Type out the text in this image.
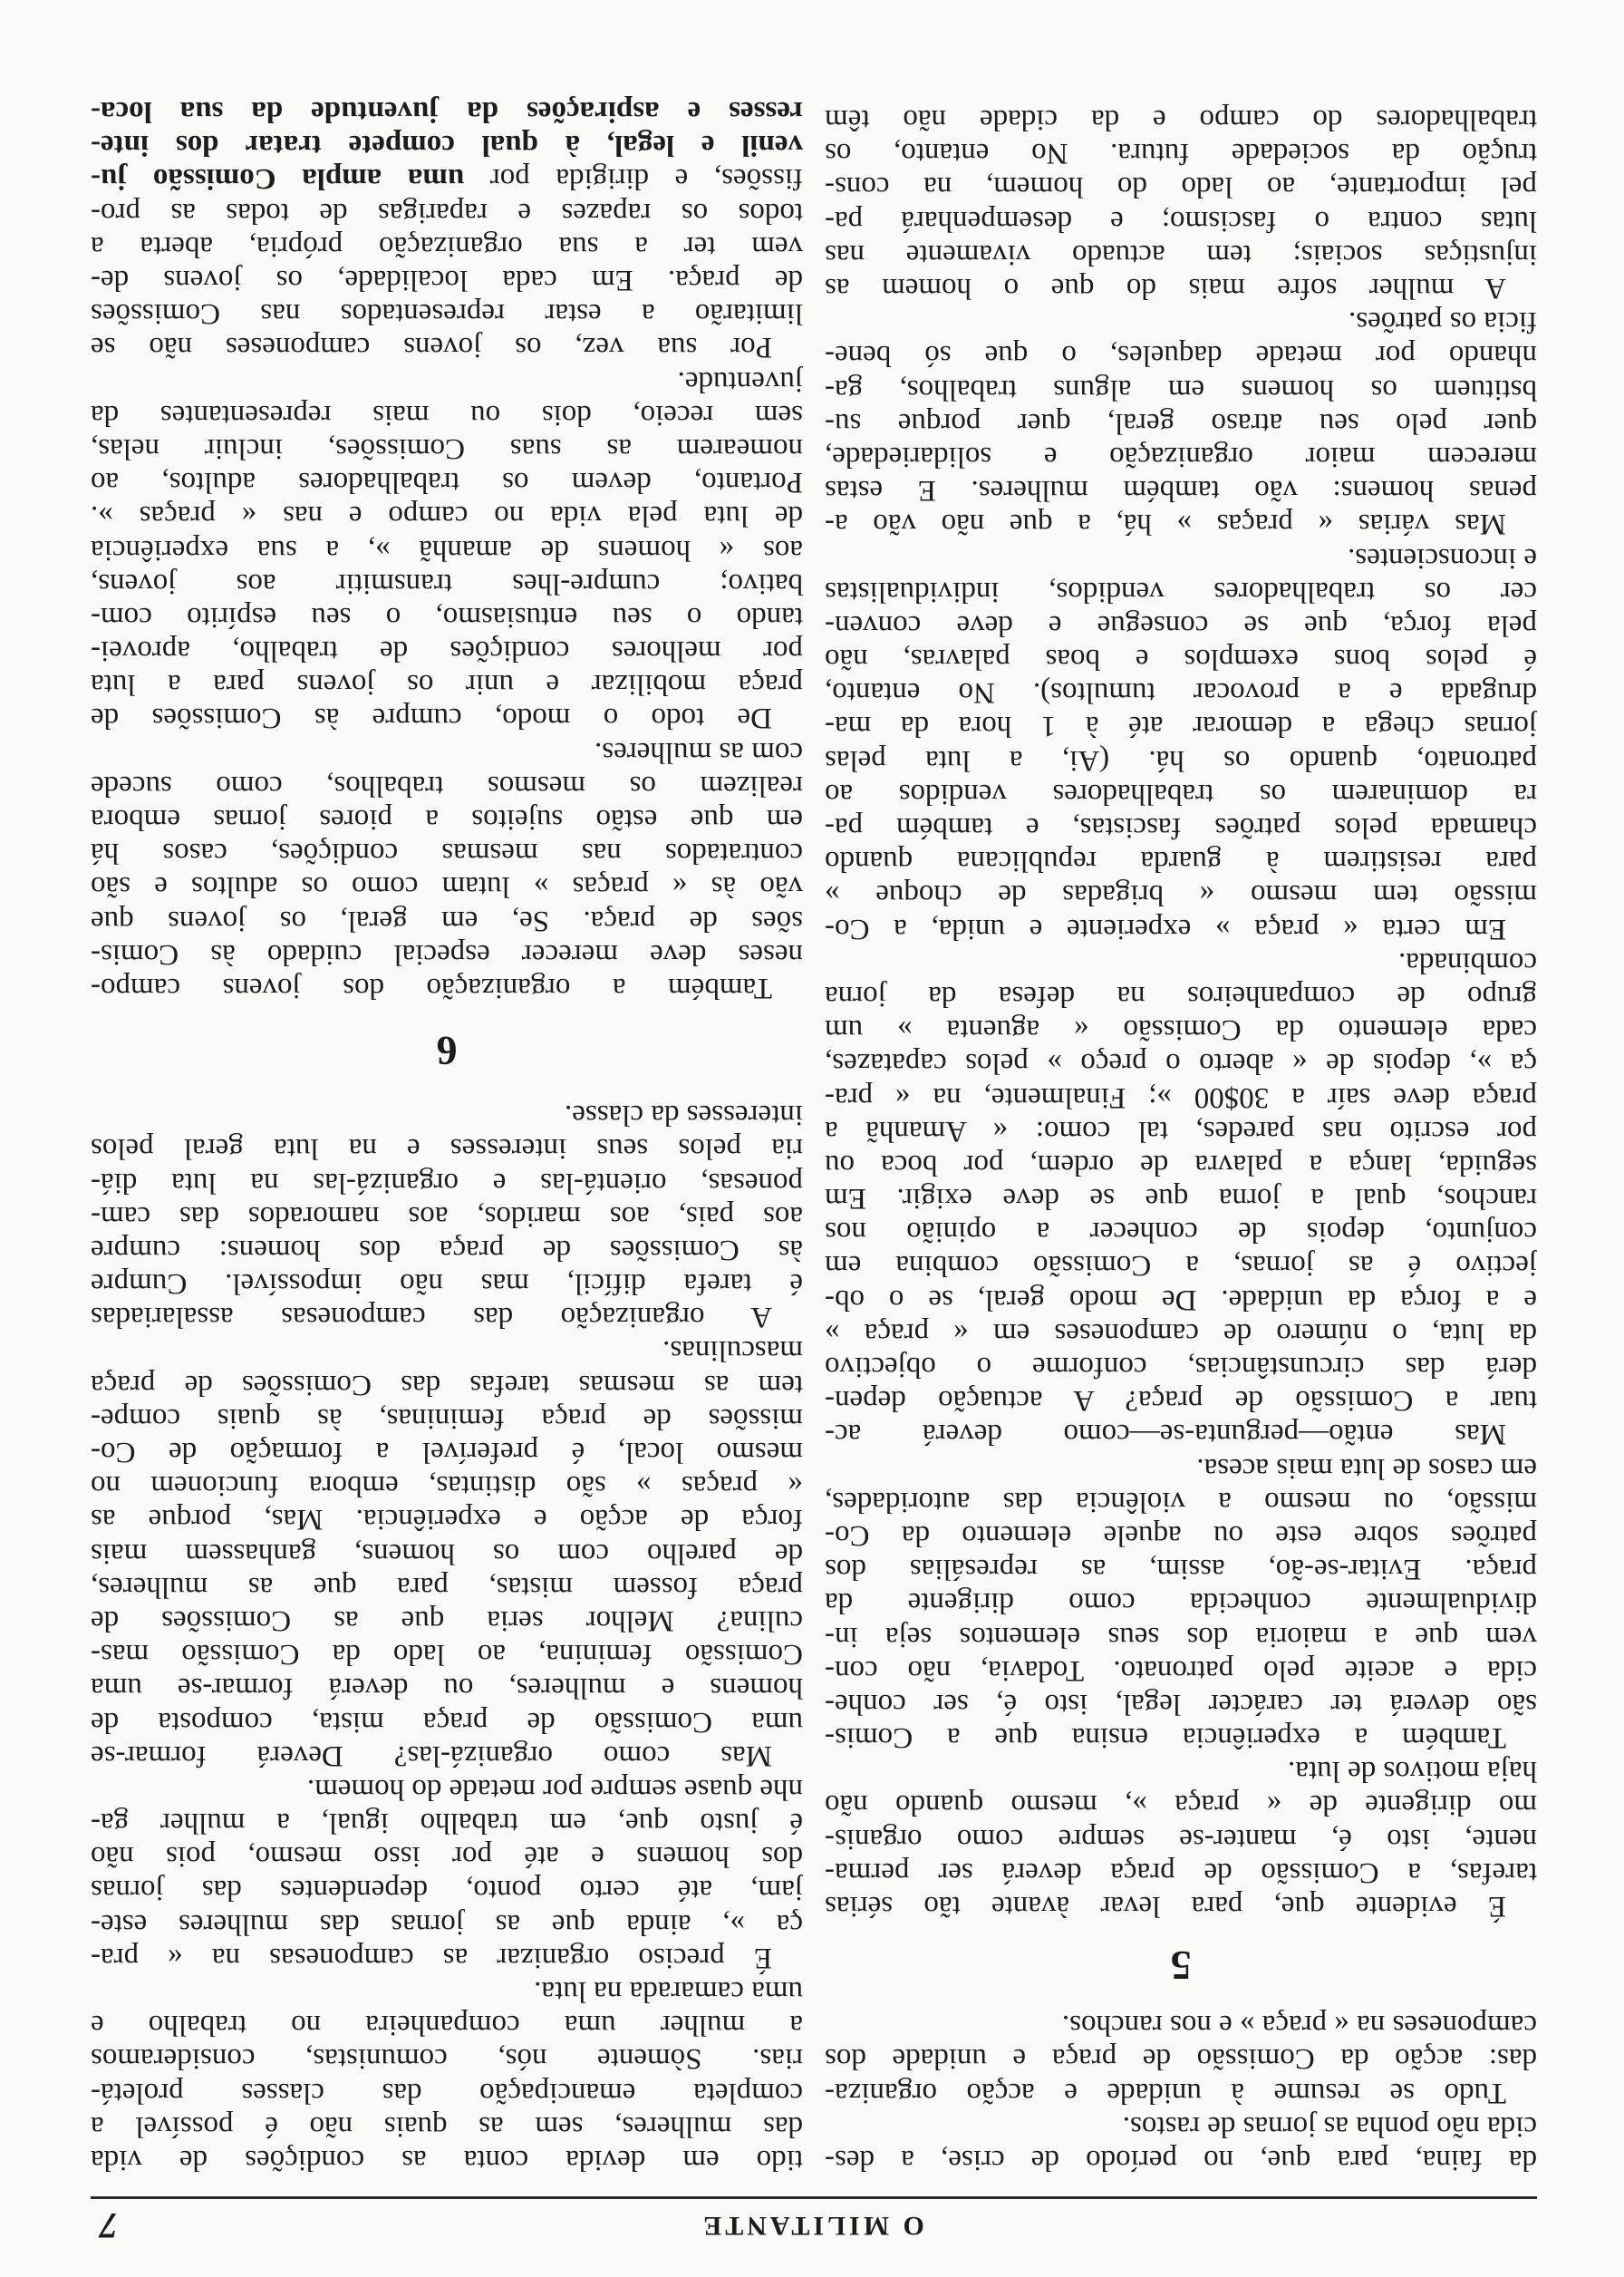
O MILITANTE
7
da faina, para que, no período de crise, a des-
cida não ponha as jornas de rastos.
Tudo se resume à unidade e acção organiza-
das: acção da Comissão de praça e unidade dos
camponeses na « praça » e nos ranchos.
5
É evidente que, para levar àvante tão sérias
tarefas, a Comissão de praça deverá ser perma-
nente, isto é, manter-se sempre como organis-
mo dirigente de « praça », mesmo quando não
haja motivos de luta.
Também a experiência ensina que a Comis-
são deverá ter carácter legal, isto é, ser conhe-
cida e aceite pelo patronato. Todavia, não con-
vem que a maioria dos seus elementos seja in-
dividualmente conhecida como dirigente da
praça. Evitar-se-ão, assim, as represálias dos
patrões sobre este ou aquele elemento da Co-
missão, ou mesmo a violência das autoridades,
em casos de luta mais acesa.
Mas então—pergunta-se—como deverá ac-
tuar a Comissão de praça? A actuação depen-
derá das circunstâncias, conforme o objectivo
da luta, o número de camponeses em « praça »
e a força da unidade. De modo geral, se o ob-
jectivo é as jornas, a Comissão combina em
conjunto, depois de conhecer a opinião nos
ranchos, qual a jorna que se deve exigir. Em
seguida, lança a palavra de ordem, por boca ou
por escrito nas paredes, tal como: « Amanhã a
praça deve saír a 30$00 »; Finalmente, na « pra-
ça », depois de « aberto o preço » pelos capatazes,
cada elemento da Comissão « aguenta » um
grupo de companheiros na defesa da jorna
combinada.
Em certa « praça » experiente e unida, a Co-
missão tem mesmo « brigadas de choque »
para resistirem à guarda republicana quando
chamada pelos patrões fascistas, e também pa-
ra dominarem os trabalhadores vendidos ao
patronato, quando os há. (Ai, a luta pelas
jornas chega a demorar até à 1 hora da ma-
drugada e a provocar tumultos). No entanto,
é pelos bons exemplos e boas palavras, não
pela força, que se consegue e deve conven-
cer os trabalhadores vendidos, individualistas
e inconscientes.
Mas várias « praças » há, a que não vão a-
penas homens: vão também mulheres. E estas
merecem maior organização e solidariedade,
quer pelo seu atraso geral, quer porque su-
bstituem os homens em alguns trabalhos, ga-
nhando por metade daqueles, o que só bene-
ficia os patrões.
A mulher sofre mais do que o homem as
injustiças sociais; tem actuado vivamente nas
lutas contra o fascismo; e desempenhará pa-
pel importante, ao lado do homem, na cons-
trução da sociedade futura. No entanto, os
trabalhadores do campo e da cidade não têm
tido em devida conta as condições de vida
das mulheres, sem as quais não é possível a
completa emancipação das classes proletá-
rias. Sòmente nós, comunistas, consideramos
a mulher uma companheira no trabalho e
uma camarada na luta.
É preciso organizar as camponesas na « pra-
ça », ainda que as jornas das mulheres este-
jam, até certo ponto, dependentes das jornas
dos homens e até por isso mesmo, pois não
é justo que, em trabalho igual, a mulher ga-
nhe quase sempre por metade do homem.
Mas como organizá-las? Deverá formar-se
uma Comissão de praça mista, composta de
homens e mulheres, ou deverá formar-se uma
Comissão feminina, ao lado da Comissão mas-
culina? Melhor seria que as Comissões de
praça fossem mistas, para que as mulheres,
de parelho com os homens, ganhassem mais
força de acção e experiência. Mas, porque as
« praças » são distintas, embora funcionem no
mesmo local, é preferível a formação de Co-
missões de praça femininas, às quais compe-
tem as mesmas tarefas das Comissões de praça
masculinas.
A organização das camponesas assalariadas
é tarefa difícil, mas não impossível. Cumpre
às Comissões de praça dos homens: cumpre
aos pais, aos maridos, aos namorados das cam-
ponesas, orientá-las e organizá-las na luta diá-
ria pelos seus interesses e na luta geral pelos
interesses da classe.
6
Também a organização dos jovens campo-
neses deve merecer especial cuidado às Comis-
sões de praça. Se, em geral, os jovens que
vão às « praças » lutam como os adultos e são
contratados nas mesmas condições, casos há
em que estão sujeitos a piores jornas embora
realizem os mesmos trabalhos, como sucede
com as mulheres.
De todo o modo, cumpre às Comissões de
praça mobilizar e unir os jovens para a luta
por melhores condições de trabalho, aprovei-
tando o seu entusiasmo, o seu espírito com-
bativo; cumpre-lhes transmitir aos jovens,
aos « homens de amanhã », a sua experiência
de luta pela vida no campo e nas « praças ».
Portanto, devem os trabalhadores adultos, ao
nomearem as suas Comissões, incluir nelas,
sem receio, dois ou mais representantes da
juventude.
Por sua vez, os jovens camponeses não se
limitarão a estar representados nas Comissões
de praça. Em cada localidade, os jovens de-
vem ter a sua organização própria, aberta a
todos os rapazes e raparigas de todas as pro-
fissões, e dirigida por uma ampla Comissão ju-
venil e legal, à qual compete tratar dos inte-
resses e aspirações da juventude da sua loca-
